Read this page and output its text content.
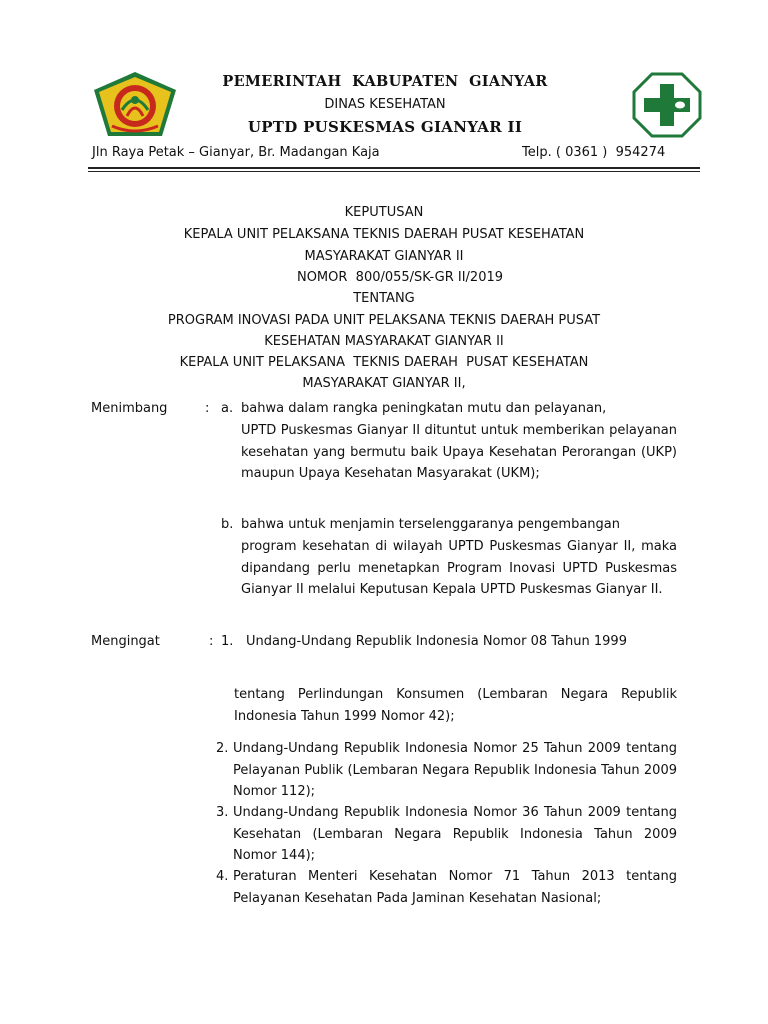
PEMERINTAH  KABUPATEN  GIANYAR
DINAS KESEHATAN
UPTD PUSKESMAS GIANYAR II
Jln Raya Petak – Gianyar, Br. Madangan Kaja	Telp. ( 0361 )  954274
KEPUTUSAN
KEPALA UNIT PELAKSANA TEKNIS DAERAH PUSAT KESEHATAN
MASYARAKAT GIANYAR II
NOMOR  800/055/SK-GR II/2019
TENTANG
PROGRAM INOVASI PADA UNIT PELAKSANA TEKNIS DAERAH PUSAT
KESEHATAN MASYARAKAT GIANYAR II
KEPALA UNIT PELAKSANA  TEKNIS DAERAH  PUSAT KESEHATAN
MASYARAKAT GIANYAR II,
Menimbang	: a. bahwa dalam rangka peningkatan mutu dan pelayanan,
UPTD Puskesmas Gianyar II dituntut untuk memberikan pelayanan kesehatan yang bermutu baik Upaya Kesehatan Perorangan (UKP) maupun Upaya Kesehatan Masyarakat (UKM);
b. bahwa untuk menjamin terselenggaranya pengembangan
program kesehatan di wilayah UPTD Puskesmas Gianyar II, maka dipandang perlu menetapkan Program Inovasi UPTD Puskesmas Gianyar II melalui Keputusan Kepala UPTD Puskesmas Gianyar II.
Mengingat	: 1. Undang-Undang Republik Indonesia Nomor 08 Tahun 1999
tentang Perlindungan Konsumen (Lembaran Negara Republik Indonesia Tahun 1999 Nomor 42);
2. Undang-Undang Republik Indonesia Nomor 25 Tahun 2009 tentang Pelayanan Publik (Lembaran Negara Republik Indonesia Tahun 2009 Nomor 112);
3. Undang-Undang Republik Indonesia Nomor 36 Tahun 2009 tentang Kesehatan (Lembaran Negara Republik Indonesia Tahun 2009 Nomor 144);
4. Peraturan Menteri Kesehatan Nomor 71 Tahun 2013 tentang Pelayanan Kesehatan Pada Jaminan Kesehatan Nasional;
